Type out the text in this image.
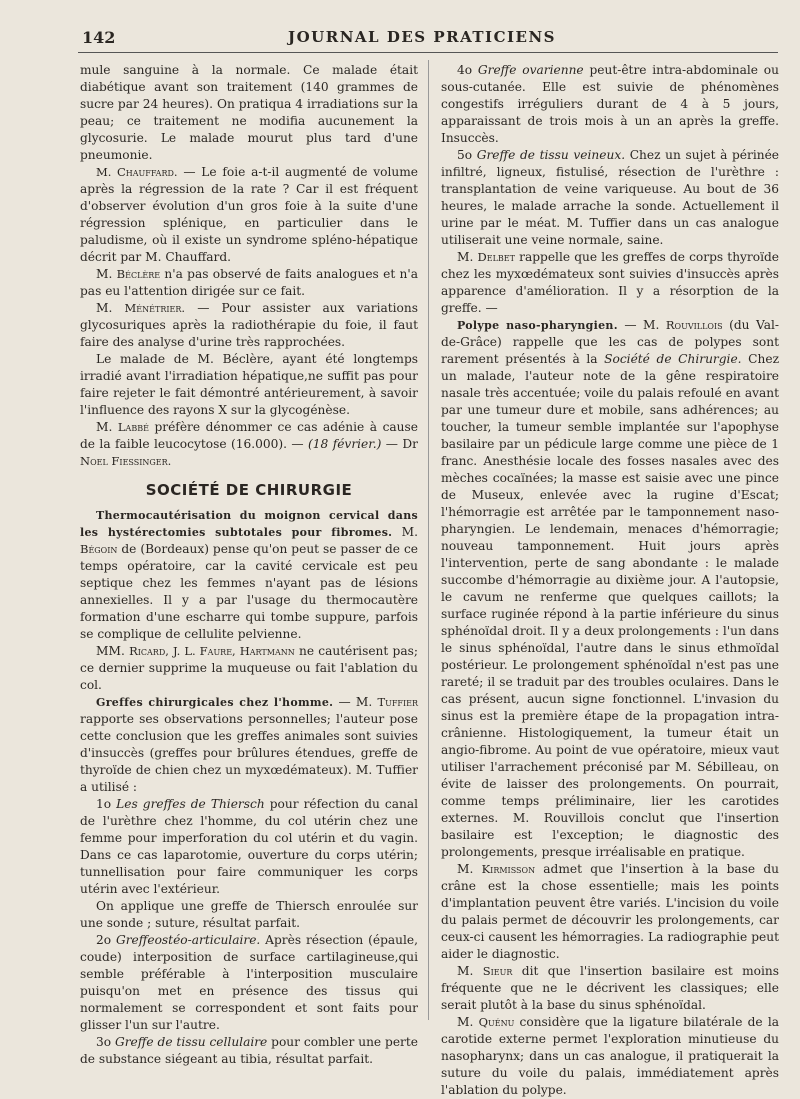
142	JOURNAL DES PRATICIENS

mule sanguine à la normale. Ce malade était diabétique avant son traitement (140 grammes de sucre par 24 heures). On pratiqua 4 irradiations sur la peau; ce traitement ne modifia aucunement la glycosurie. Le malade mourut plus tard d'une pneumonie.

M. Chauffard. — Le foie a-t-il augmenté de volume après la régression de la rate ? Car il est fréquent d'observer évolution d'un gros foie à la suite d'une régression splénique, en particulier dans le paludisme, où il existe un syndrome spléno-hépatique décrit par M. Chauffard.

M. Béclère n'a pas observé de faits analogues et n'a pas eu l'attention dirigée sur ce fait.

M. Ménétrier. — Pour assister aux variations glycosuriques après la radiothérapie du foie, il faut faire des analyse d'urine très rapprochées.

Le malade de M. Béclère, ayant été longtemps irradié avant l'irradiation hépatique,ne suffit pas pour faire rejeter le fait démontré antérieurement, à savoir l'influence des rayons X sur la glycogénèse.

M. Labbé préfère dénommer ce cas adénie à cause de la faible leucocytose (16.000). — (18 février.) — Dr Noel Fiessinger.

SOCIÉTÉ DE CHIRURGIE

Thermocautérisation du moignon cervical dans les hystérectomies subtotales pour fibromes. M. Bégoin de (Bordeaux) pense qu'on peut se passer de ce temps opératoire, car la cavité cervicale est peu septique chez les femmes n'ayant pas de lésions annexielles. Il y a par l'usage du thermocautère formation d'une escharre qui tombe suppure, parfois se complique de cellulite pelvienne.

MM. Ricard, J. L. Faure, Hartmann ne cautérisent pas; ce dernier supprime la muqueuse ou fait l'ablation du col.

Greffes chirurgicales chez l'homme. — M. Tuffier rapporte ses observations personnelles; l'auteur pose cette conclusion que les greffes animales sont suivies d'insuccès (greffes pour brûlures étendues, greffe de thyroïde de chien chez un myxœdémateux). M. Tuffier a utilisé :

1o Les greffes de Thiersch pour réfection du canal de l'urèthre chez l'homme, du col utérin chez une femme pour imperforation du col utérin et du vagin. Dans ce cas laparotomie, ouverture du corps utérin; tunnellisation pour faire communiquer les corps utérin avec l'extérieur.

On applique une greffe de Thiersch enroulée sur une sonde ; suture, résultat parfait.

2o Greffeostéo-articulaire. Après résection (épaule, coude) interposition de surface cartilagineuse,qui semble préférable à l'interposition musculaire puisqu'on met en présence des tissus qui normalement se correspondent et sont faits pour glisser l'un sur l'autre.

3o Greffe de tissu cellulaire pour combler une perte de substance siégeant au tibia, résultat parfait.

4o Greffe ovarienne peut-être intra-abdominale ou sous-cutanée. Elle est suivie de phénomènes congestifs irréguliers durant de 4 à 5 jours, apparaissant de trois mois à un an après la greffe. Insuccès.

5o Greffe de tissu veineux. Chez un sujet à périnée infiltré, ligneux, fistulisé, résection de l'urèthre : transplantation de veine variqueuse. Au bout de 36 heures, le malade arrache la sonde. Actuellement il urine par le méat. M. Tuffier dans un cas analogue utiliserait une veine normale, saine.

M. Delbet rappelle que les greffes de corps thyroïde chez les myxœdémateux sont suivies d'insuccès après apparence d'amélioration. Il y a résorption de la greffe. —

Polype naso-pharyngien. — M. Rouvillois (du Val-de-Grâce) rappelle que les cas de polypes sont rarement présentés à la Société de Chirurgie. Chez un malade, l'auteur note de la gêne respiratoire nasale très accentuée; voile du palais refoulé en avant par une tumeur dure et mobile, sans adhérences; au toucher, la tumeur semble implantée sur l'apophyse basilaire par un pédicule large comme une pièce de 1 franc. Anesthésie locale des fosses nasales avec des mèches cocaïnées; la masse est saisie avec une pince de Museux, enlevée avec la rugine d'Escat; l'hémorragie est arrêtée par le tamponnement naso-pharyngien. Le lendemain, menaces d'hémorragie; nouveau tamponnement. Huit jours après l'intervention, perte de sang abondante : le malade succombe d'hémorragie au dixième jour. A l'autopsie, le cavum ne renferme que quelques caillots; la surface ruginée répond à la partie inférieure du sinus sphénoïdal droit. Il y a deux prolongements : l'un dans le sinus sphénoïdal, l'autre dans le sinus ethmoïdal postérieur. Le prolongement sphénoïdal n'est pas une rareté; il se traduit par des troubles oculaires. Dans le cas présent, aucun signe fonctionnel. L'invasion du sinus est la première étape de la propagation intra-crânienne. Histologiquement, la tumeur était un angio-fibrome. Au point de vue opératoire, mieux vaut utiliser l'arrachement préconisé par M. Sébilleau, on évite de laisser des prolongements. On pourrait, comme temps préliminaire, lier les carotides externes. M. Rouvillois conclut que l'insertion basilaire est l'exception; le diagnostic des prolongements, presque irréalisable en pratique.

M. Kirmisson admet que l'insertion à la base du crâne est la chose essentielle; mais les points d'implantation peuvent être variés. L'incision du voile du palais permet de découvrir les prolongements, car ceux-ci causent les hémorragies. La radiographie peut aider le diagnostic.

M. Sieur dit que l'insertion basilaire est moins fréquente que ne le décrivent les classiques; elle serait plutôt à la base du sinus sphénoïdal.

M. Quénu considère que la ligature bilatérale de la carotide externe permet l'exploration minutieuse du nasopharynx; dans un cas analogue, il pratiquerait la suture du voile du palais, immédiatement après l'ablation du polype.
